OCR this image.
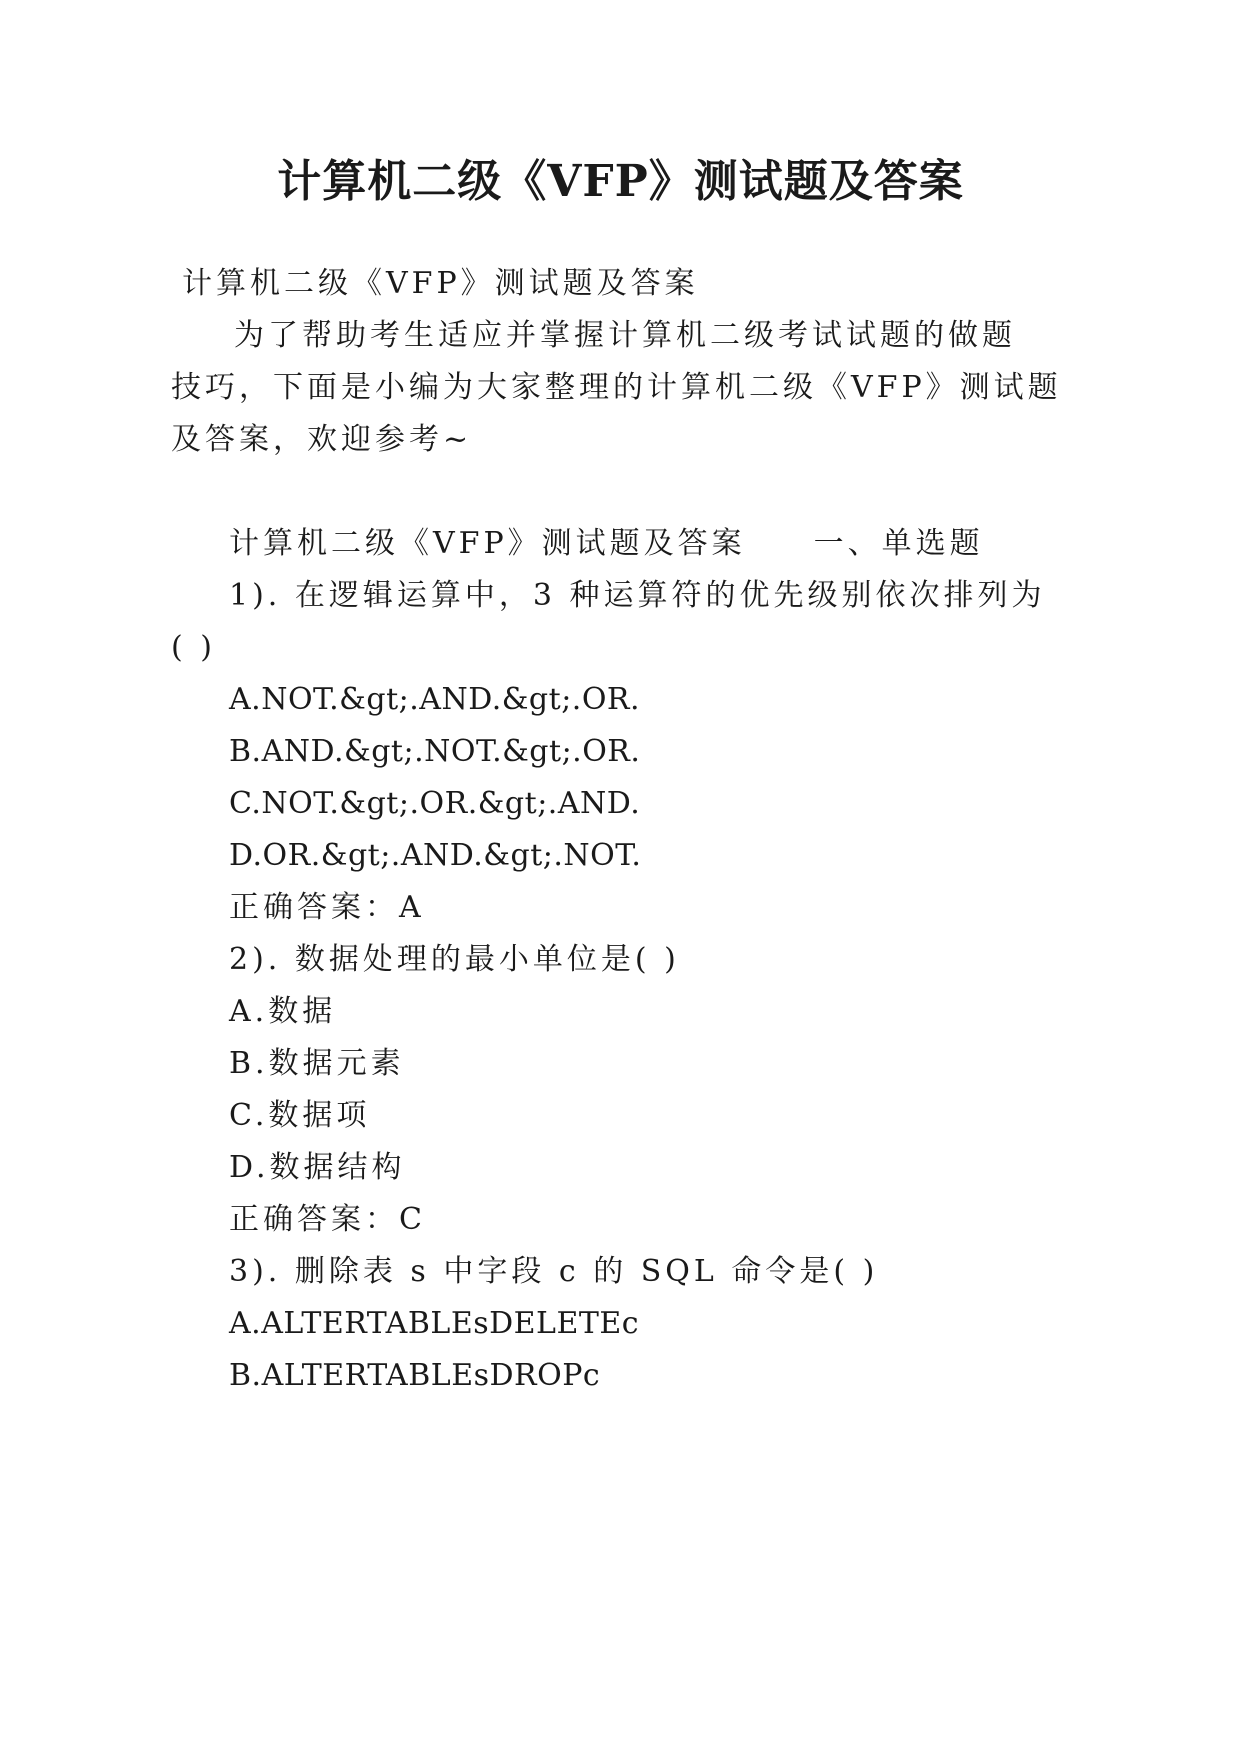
计算机二级《VFP》测试题及答案

计算机二级《VFP》测试题及答案

为了帮助考生适应并掌握计算机二级考试试题的做题

技巧，下面是小编为大家整理的计算机二级《VFP》测试题

及答案，欢迎参考~

计算机二级《VFP》测试题及答案 一、单选题

1). 在逻辑运算中，3 种运算符的优先级别依次排列为

( )

A.NOT.&gt;.AND.&gt;.OR.

B.AND.&gt;.NOT.&gt;.OR.

C.NOT.&gt;.OR.&gt;.AND.

D.OR.&gt;.AND.&gt;.NOT.

正确答案：A

2). 数据处理的最小单位是( )

A.数据

B.数据元素

C.数据项

D.数据结构

正确答案：C

3). 删除表 s 中字段 c 的 SQL 命令是( )

A.ALTERTABLEsDELETEc

B.ALTERTABLEsDROPc
